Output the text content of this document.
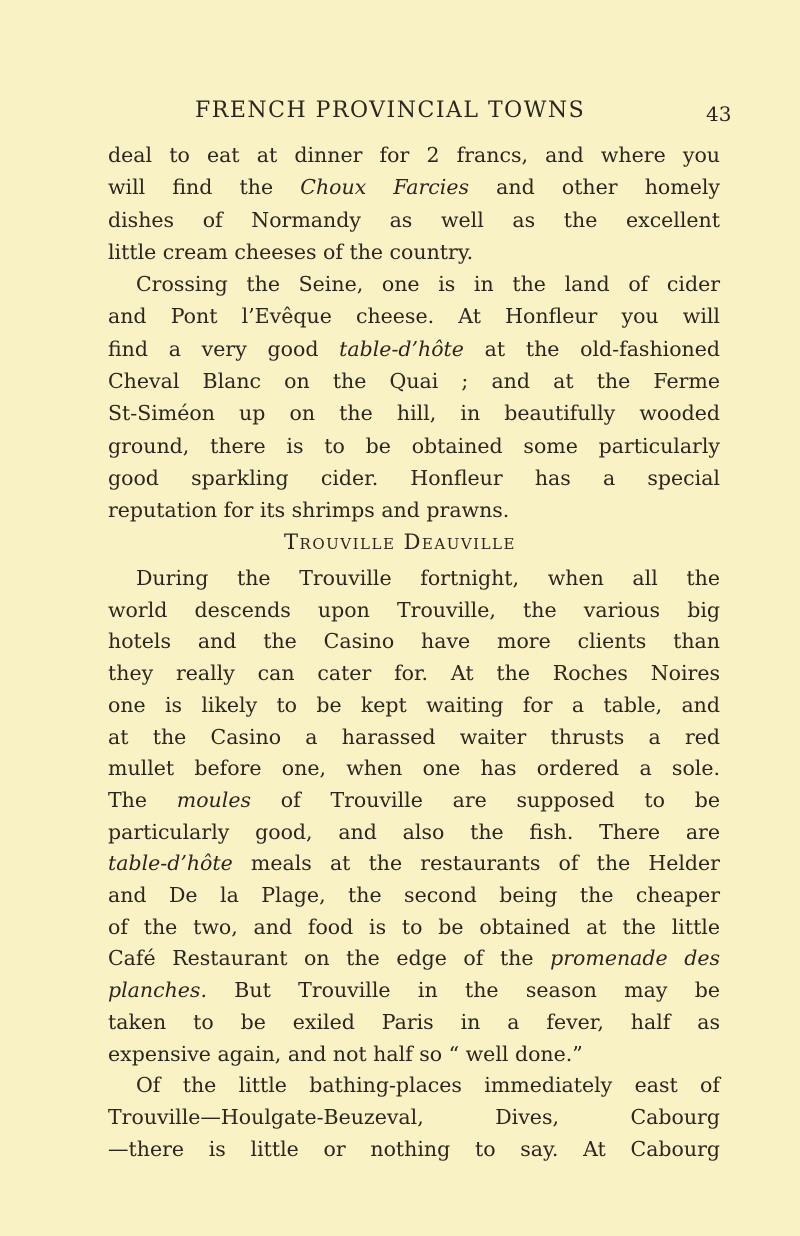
FRENCH PROVINCIAL TOWNS	43
deal to eat at dinner for 2 francs, and where you
will find the Choux Farcies and other homely
dishes of Normandy as well as the excellent
little cream cheeses of the country.
Crossing the Seine, one is in the land of cider
and Pont l’Evêque cheese. At Honfleur you will
find a very good table-d’hôte at the old-fashioned
Cheval Blanc on the Quai ; and at the Ferme
St-Siméon up on the hill, in beautifully wooded
ground, there is to be obtained some particularly
good sparkling cider. Honfleur has a special
reputation for its shrimps and prawns.
Trouville Deauville
During the Trouville fortnight, when all the
world descends upon Trouville, the various big
hotels and the Casino have more clients than
they really can cater for. At the Roches Noires
one is likely to be kept waiting for a table, and
at the Casino a harassed waiter thrusts a red
mullet before one, when one has ordered a sole.
The moules of Trouville are supposed to be
particularly good, and also the fish. There are
table-d’hôte meals at the restaurants of the Helder
and De la Plage, the second being the cheaper
of the two, and food is to be obtained at the little
Café Restaurant on the edge of the promenade des
planches. But Trouville in the season may be
taken to be exiled Paris in a fever, half as
expensive again, and not half so “ well done.”
Of the little bathing-places immediately east of
Trouville—Houlgate-Beuzeval, Dives, Cabourg
—there is little or nothing to say. At Cabourg
